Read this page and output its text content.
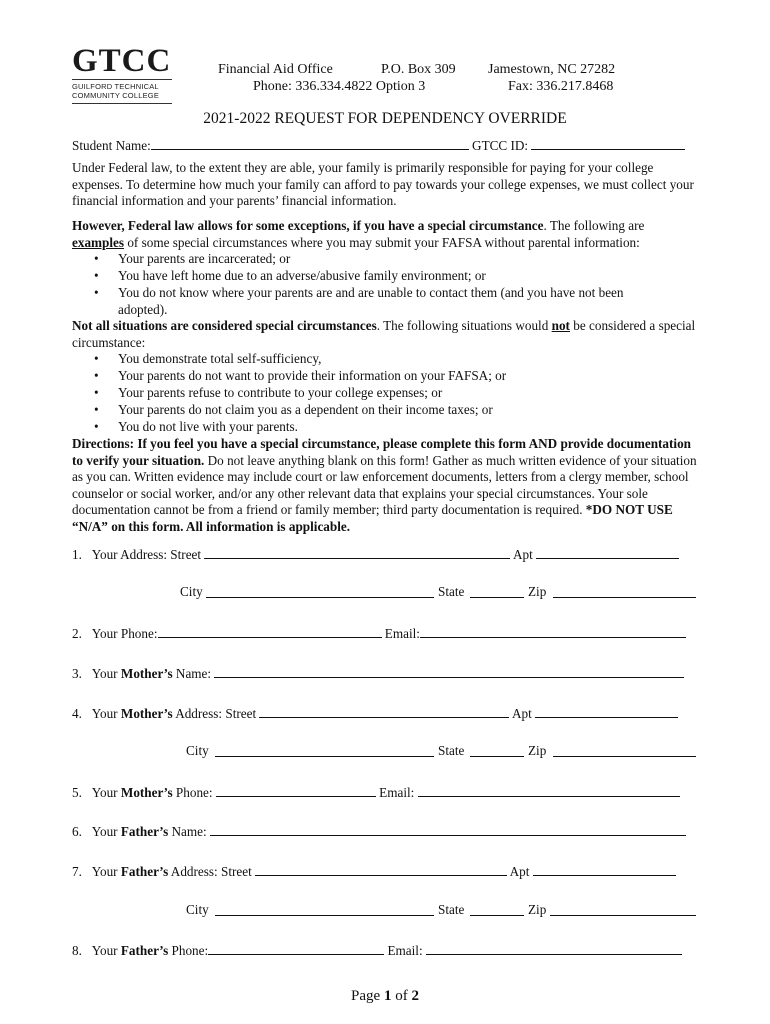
GTCC
GUILFORD TECHNICAL
COMMUNITY COLLEGE
Financial Aid Office	P.O. Box 309 Jamestown, NC 27282
Phone: 336.334.4822 Option 3	Fax: 336.217.8468
2021-2022 REQUEST FOR DEPENDENCY OVERRIDE
Student Name:	GTCC ID:
Under Federal law, to the extent they are able, your family is primarily responsible for paying for your college expenses. To determine how much your family can afford to pay towards your college expenses, we must collect your financial information and your parents’ financial information.
However, Federal law allows for some exceptions, if you have a special circumstance. The following are examples of some special circumstances where you may submit your FAFSA without parental information:
• Your parents are incarcerated; or
• You have left home due to an adverse/abusive family environment; or
• You do not know where your parents are and are unable to contact them (and you have not been adopted).
Not all situations are considered special circumstances. The following situations would not be considered a special circumstance:
• You demonstrate total self-sufficiency,
• Your parents do not want to provide their information on your FAFSA; or
• Your parents refuse to contribute to your college expenses; or
• Your parents do not claim you as a dependent on their income taxes; or
• You do not live with your parents.
Directions: If you feel you have a special circumstance, please complete this form AND provide documentation to verify your situation. Do not leave anything blank on this form! Gather as much written evidence of your situation as you can. Written evidence may include court or law enforcement documents, letters from a clergy member, school counselor or social worker, and/or any other relevant data that explains your special circumstances. Your sole documentation cannot be from a friend or family member; third party documentation is required. *DO NOT USE “N/A” on this form. All information is applicable.
1. Your Address: Street	Apt
City	State	Zip
2. Your Phone:	Email:
3. Your Mother’s Name:
4. Your Mother’s Address: Street	Apt
City	State	Zip
5. Your Mother’s Phone:	Email:
6. Your Father’s Name:
7. Your Father’s Address: Street	Apt
City	State	Zip
8. Your Father’s Phone:	Email:
Page 1 of 2
